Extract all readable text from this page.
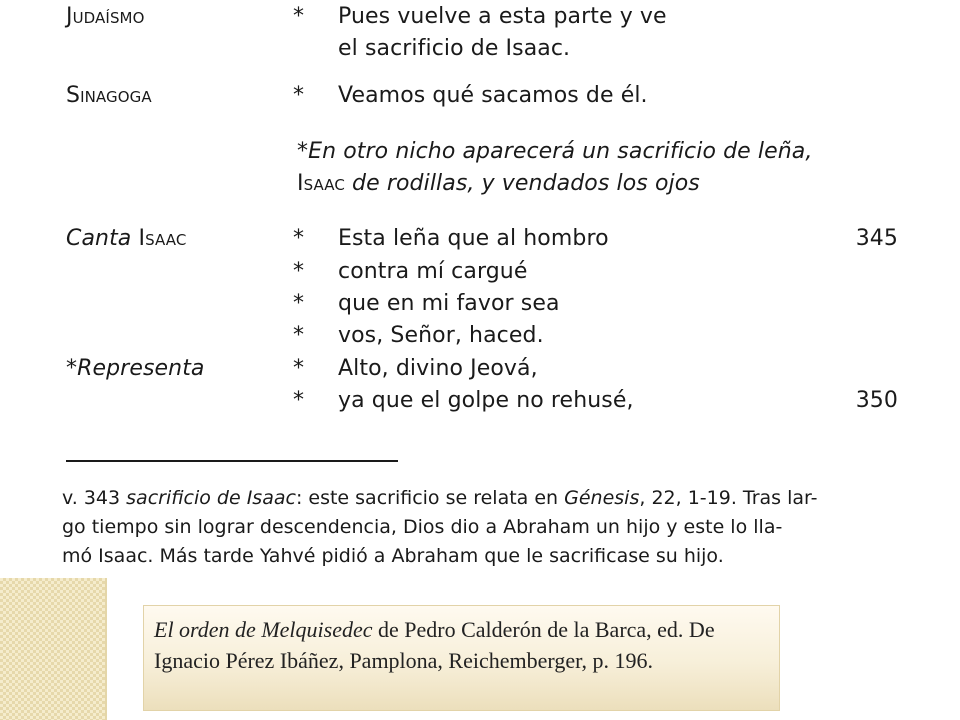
Judaísmo	* Pues vuelve a esta parte y ve
el sacrificio de Isaac.
Sinagoga	* Veamos qué sacamos de él.
*En otro nicho aparecerá un sacrificio de leña,
Isaac de rodillas, y vendados los ojos
Canta Isaac	* Esta leña que al hombro	345
* contra mí cargué
* que en mi favor sea
* vos, Señor, haced.
*Representa	* Alto, divino Jeová,
* ya que el golpe no rehusé,	350
v. 343 sacrificio de Isaac: este sacrificio se relata en Génesis, 22, 1-19. Tras lar-
go tiempo sin lograr descendencia, Dios dio a Abraham un hijo y este lo lla-
mó Isaac. Más tarde Yahvé pidió a Abraham que le sacrificase su hijo.
El orden de Melquisedec de Pedro Calderón de la Barca, ed. De
Ignacio Pérez Ibáñez, Pamplona, Reichemberger, p. 196.
